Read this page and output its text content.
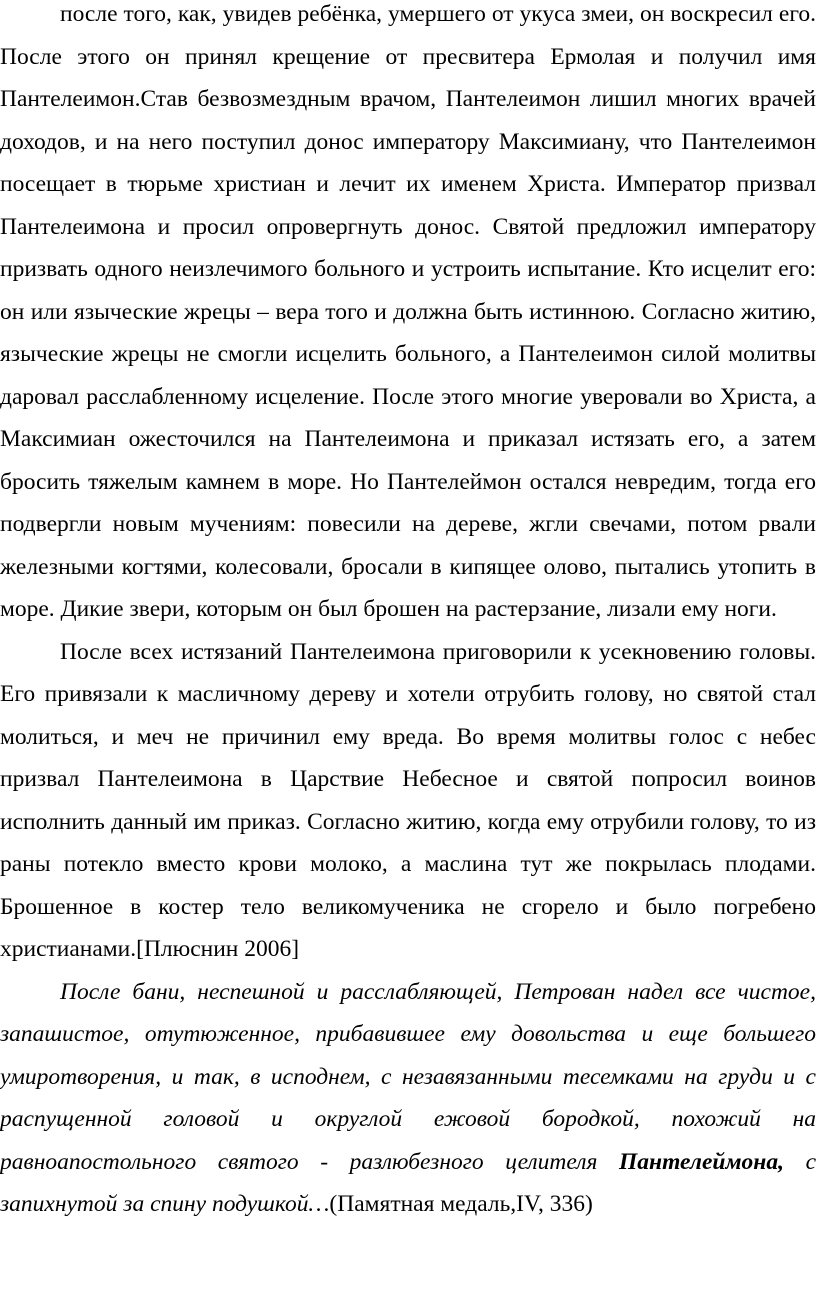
после того, как, увидев ребёнка, умершего от укуса змеи, он воскресил его. После этого он принял крещение от пресвитера Ермолая и получил имя Пантелеимон.Став безвозмездным врачом, Пантелеимон лишил многих врачей доходов, и на него поступил донос императору Максимиану, что Пантелеимон посещает в тюрьме христиан и лечит их именем Христа. Император призвал Пантелеимона и просил опровергнуть донос. Святой предложил императору призвать одного неизлечимого больного и устроить испытание. Кто исцелит его: он или языческие жрецы – вера того и должна быть истинною. Согласно житию, языческие жрецы не смогли исцелить больного, а Пантелеимон силой молитвы даровал расслабленному исцеление. После этого многие уверовали во Христа, а Максимиан ожесточился на Пантелеимона и приказал истязать его, а затем бросить тяжелым камнем в море. Но Пантелеймон остался невредим, тогда его подвергли новым мучениям: повесили на дереве, жгли свечами, потом рвали железными когтями, колесовали, бросали в кипящее олово, пытались утопить в море. Дикие звери, которым он был брошен на растерзание, лизали ему ноги.

После всех истязаний Пантелеимона приговорили к усекновению головы. Его привязали к масличному дереву и хотели отрубить голову, но святой стал молиться, и меч не причинил ему вреда. Во время молитвы голос с небес призвал Пантелеимона в Царствие Небесное и святой попросил воинов исполнить данный им приказ. Согласно житию, когда ему отрубили голову, то из раны потекло вместо крови молоко, а маслина тут же покрылась плодами. Брошенное в костер тело великомученика не сгорело и было погребено христианами.[Плюснин 2006]

После бани, неспешной и расслабляющей, Петрован надел все чистое, запашистое, отутюженное, прибавившее ему довольства и еще большего умиротворения, и так, в исподнем, с незавязанными тесемками на груди и с распущенной головой и округлой ежовой бородкой, похожий на равноапостольного святого - разлюбезного целителя Пантелеймона, с запихнутой за спину подушкой…(Памятная медаль,IV, 336)
